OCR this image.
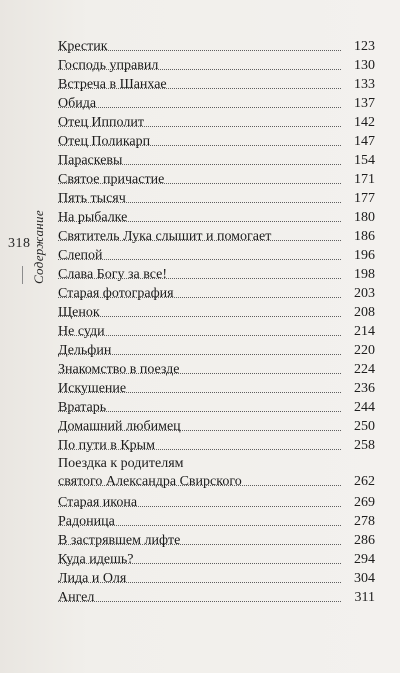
318 Содержание
Крестик	123
Господь управил	130
Встреча в Шанхае	133
Обида	137
Отец Ипполит	142
Отец Поликарп	147
Параскевы	154
Святое причастие	171
Пять тысяч	177
На рыбалке	180
Святитель Лука слышит и помогает	186
Слепой	196
Слава Богу за все!	198
Старая фотография	203
Щенок	208
Не суди	214
Дельфин	220
Знакомство в поезде	224
Искушение	236
Вратарь	244
Домашний любимец	250
По пути в Крым	258
Поездка к родителям
святого Александра Свирского	262
Старая икона	269
Радоница	278
В застрявшем лифте	286
Куда идешь?	294
Лида и Оля	304
Ангел	311
